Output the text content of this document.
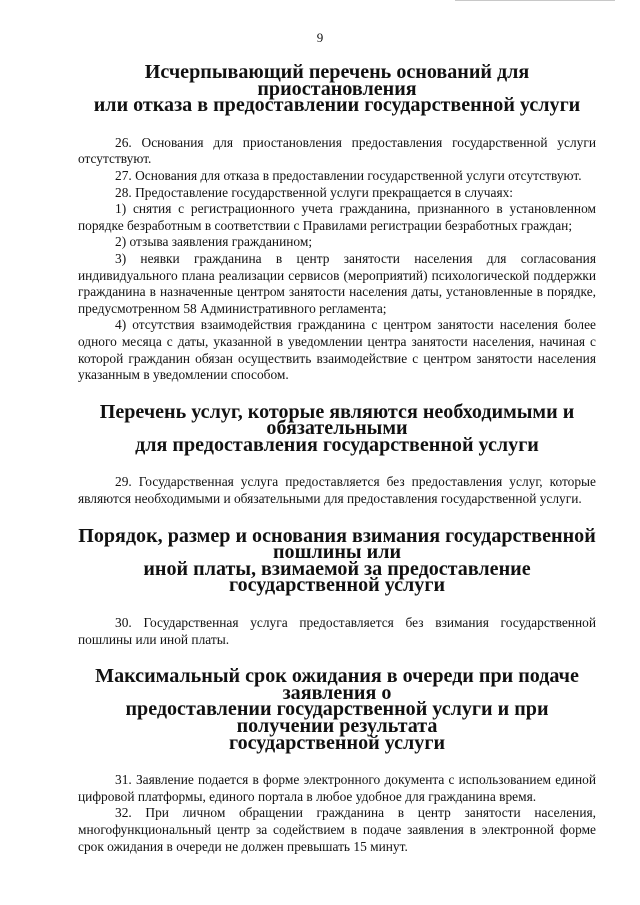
9
Исчерпывающий перечень оснований для приостановления
или отказа в предоставлении государственной услуги

26. Основания для приостановления предоставления государственной услуги отсутствуют.

27. Основания для отказа в предоставлении государственной услуги отсутствуют.

28. Предоставление государственной услуги прекращается в случаях:

1) снятия с регистрационного учета гражданина, признанного в установленном порядке безработным в соответствии с Правилами регистрации безработных граждан;

2) отзыва заявления гражданином;

3) неявки гражданина в центр занятости населения для согласования индивидуального плана реализации сервисов (мероприятий) психологической поддержки гражданина в назначенные центром занятости населения даты, установленные в порядке, предусмотренном 58 Административного регламента;

4) отсутствия взаимодействия гражданина с центром занятости населения более одного месяца с даты, указанной в уведомлении центра занятости населения, начиная с которой гражданин обязан осуществить взаимодействие с центром занятости населения указанным в уведомлении способом.

Перечень услуг, которые являются необходимыми и обязательными
для предоставления государственной услуги

29. Государственная услуга предоставляется без предоставления услуг, которые являются необходимыми и обязательными для предоставления государственной услуги.

Порядок, размер и основания взимания государственной пошлины или
иной платы, взимаемой за предоставление государственной услуги

30. Государственная услуга предоставляется без взимания государственной пошлины или иной платы.

Максимальный срок ожидания в очереди при подаче заявления о
предоставлении государственной услуги и при получении результата
государственной услуги

31. Заявление подается в форме электронного документа с использованием единой цифровой платформы, единого портала в любое удобное для гражданина время.

32. При личном обращении гражданина в центр занятости населения, многофункциональный центр за содействием в подаче заявления в электронной форме срок ожидания в очереди не должен превышать 15 минут.
